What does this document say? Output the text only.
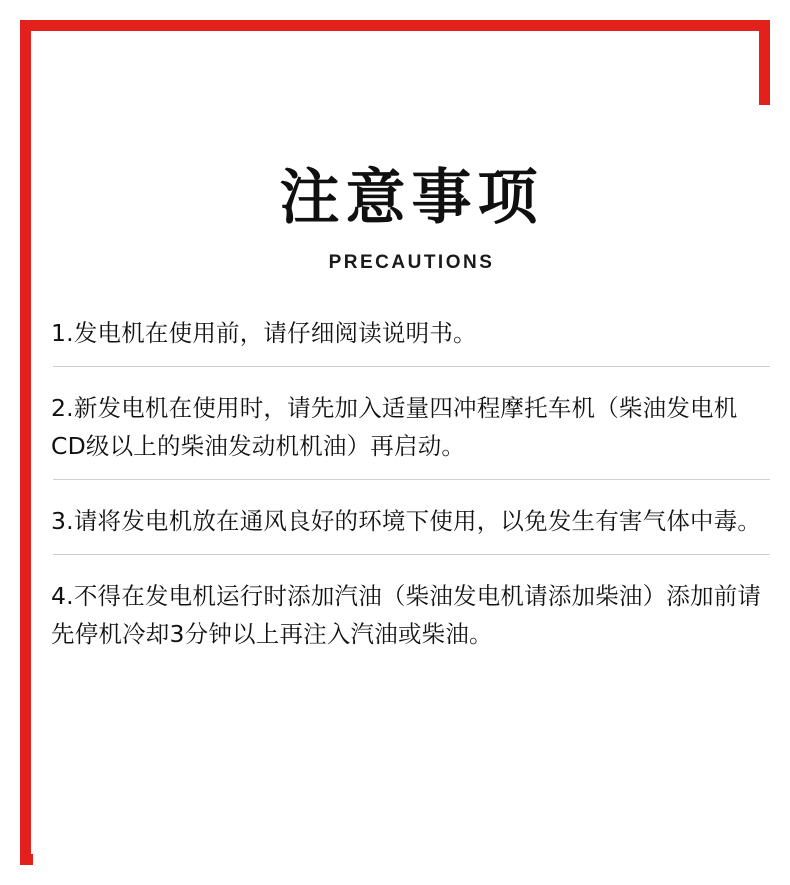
注意事项
PRECAUTIONS
1.发电机在使用前，请仔细阅读说明书。
2.新发电机在使用时，请先加入适量四冲程摩托车机（柴油发电机CD级以上的柴油发动机机油）再启动。
3.请将发电机放在通风良好的环境下使用，以免发生有害气体中毒。
4.不得在发电机运行时添加汽油（柴油发电机请添加柴油）添加前请先停机冷却3分钟以上再注入汽油或柴油。
